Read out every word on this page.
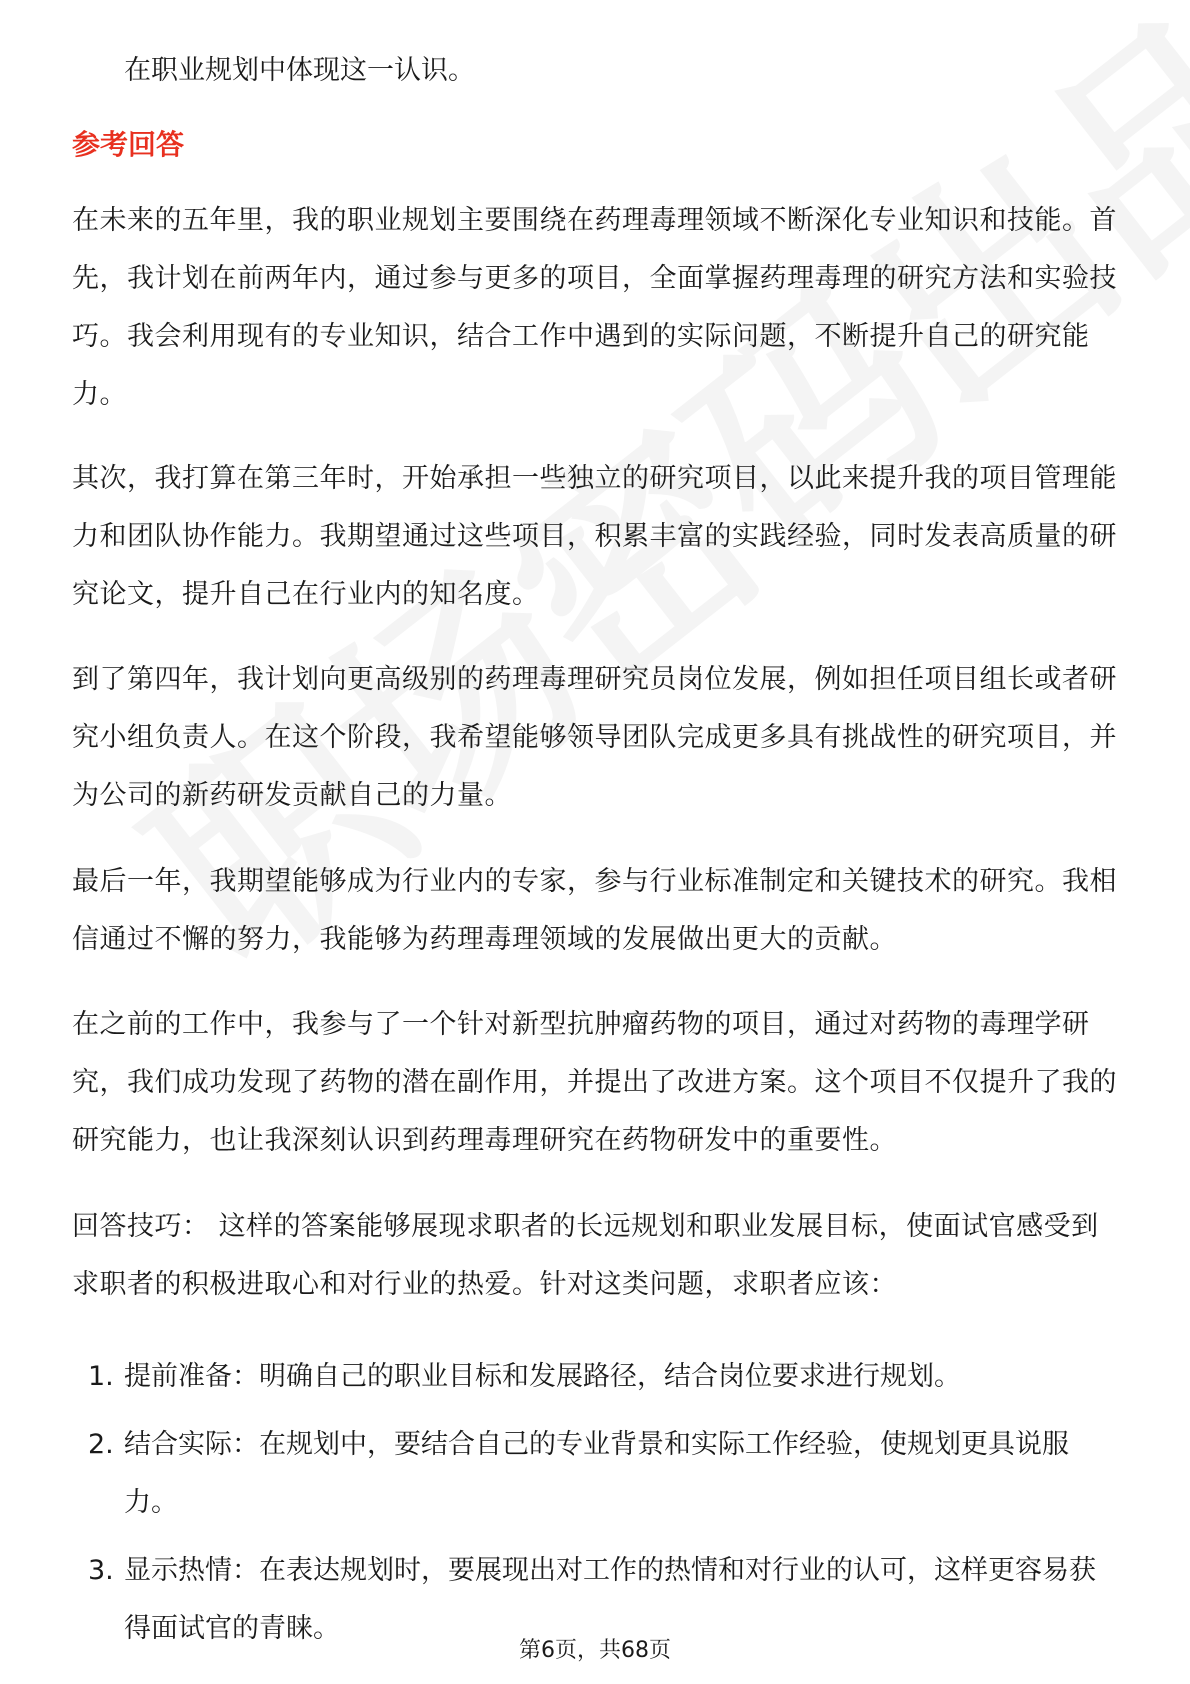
在职业规划中体现这一认识。
参考回答
在未来的五年里，我的职业规划主要围绕在药理毒理领域不断深化专业知识和技能。首先，我计划在前两年内，通过参与更多的项目，全面掌握药理毒理的研究方法和实验技巧。我会利用现有的专业知识，结合工作中遇到的实际问题，不断提升自己的研究能力。
其次，我打算在第三年时，开始承担一些独立的研究项目，以此来提升我的项目管理能力和团队协作能力。我期望通过这些项目，积累丰富的实践经验，同时发表高质量的研究论文，提升自己在行业内的知名度。
到了第四年，我计划向更高级别的药理毒理研究员岗位发展，例如担任项目组长或者研究小组负责人。在这个阶段，我希望能够领导团队完成更多具有挑战性的研究项目，并为公司的新药研发贡献自己的力量。
最后一年，我期望能够成为行业内的专家，参与行业标准制定和关键技术的研究。我相信通过不懈的努力，我能够为药理毒理领域的发展做出更大的贡献。
在之前的工作中，我参与了一个针对新型抗肿瘤药物的项目，通过对药物的毒理学研究，我们成功发现了药物的潜在副作用，并提出了改进方案。这个项目不仅提升了我的研究能力，也让我深刻认识到药理毒理研究在药物研发中的重要性。
回答技巧： 这样的答案能够展现求职者的长远规划和职业发展目标，使面试官感受到求职者的积极进取心和对行业的热爱。针对这类问题，求职者应该：
1. 提前准备：明确自己的职业目标和发展路径，结合岗位要求进行规划。
2. 结合实际：在规划中，要结合自己的专业背景和实际工作经验，使规划更具说服力。
3. 显示热情：在表达规划时，要展现出对工作的热情和对行业的认可，这样更容易获得面试官的青睐。
第6页，共68页
